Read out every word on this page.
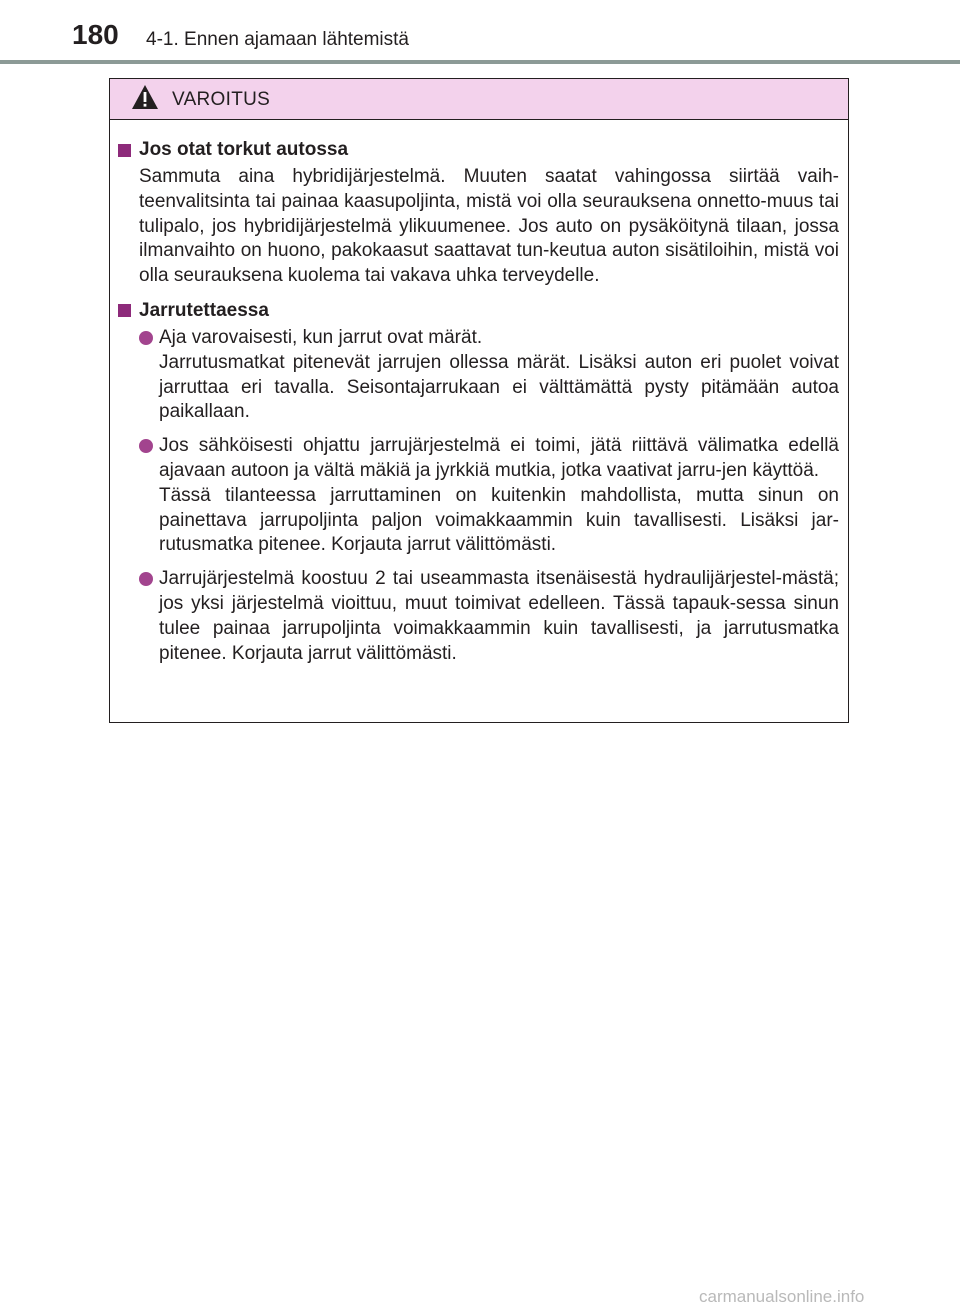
180 4-1. Ennen ajamaan lähtemistä
VAROITUS
Jos otat torkut autossa
Sammuta aina hybridijärjestelmä. Muuten saatat vahingossa siirtää vaih-teenvalitsinta tai painaa kaasupoljinta, mistä voi olla seurauksena onnetto-muus tai tulipalo, jos hybridijärjestelmä ylikuumenee. Jos auto on pysäköitynä tilaan, jossa ilmanvaihto on huono, pakokaasut saattavat tun-keutua auton sisätiloihin, mistä voi olla seurauksena kuolema tai vakava uhka terveydelle.
Jarrutettaessa

Aja varovaisesti, kun jarrut ovat märät.

Jarrutusmatkat pitenevät jarrujen ollessa märät. Lisäksi auton eri puolet voivat jarruttaa eri tavalla. Seisontajarrukaan ei välttämättä pysty pitämään autoa paikallaan.

Jos sähköisesti ohjattu jarrujärjestelmä ei toimi, jätä riittävä välimatka edellä ajavaan autoon ja vältä mäkiä ja jyrkkiä mutkia, jotka vaativat jarru-jen käyttöä.

Tässä tilanteessa jarruttaminen on kuitenkin mahdollista, mutta sinun on painettava jarrupoljinta paljon voimakkaammin kuin tavallisesti. Lisäksi jar-rutusmatka pitenee. Korjauta jarrut välittömästi.

Jarrujärjestelmä koostuu 2 tai useammasta itsenäisestä hydraulijärjestel-mästä; jos yksi järjestelmä vioittuu, muut toimivat edelleen. Tässä tapauk-sessa sinun tulee painaa jarrupoljinta voimakkaammin kuin tavallisesti, ja jarrutusmatka pitenee. Korjauta jarrut välittömästi.

carmanualsonline.info
